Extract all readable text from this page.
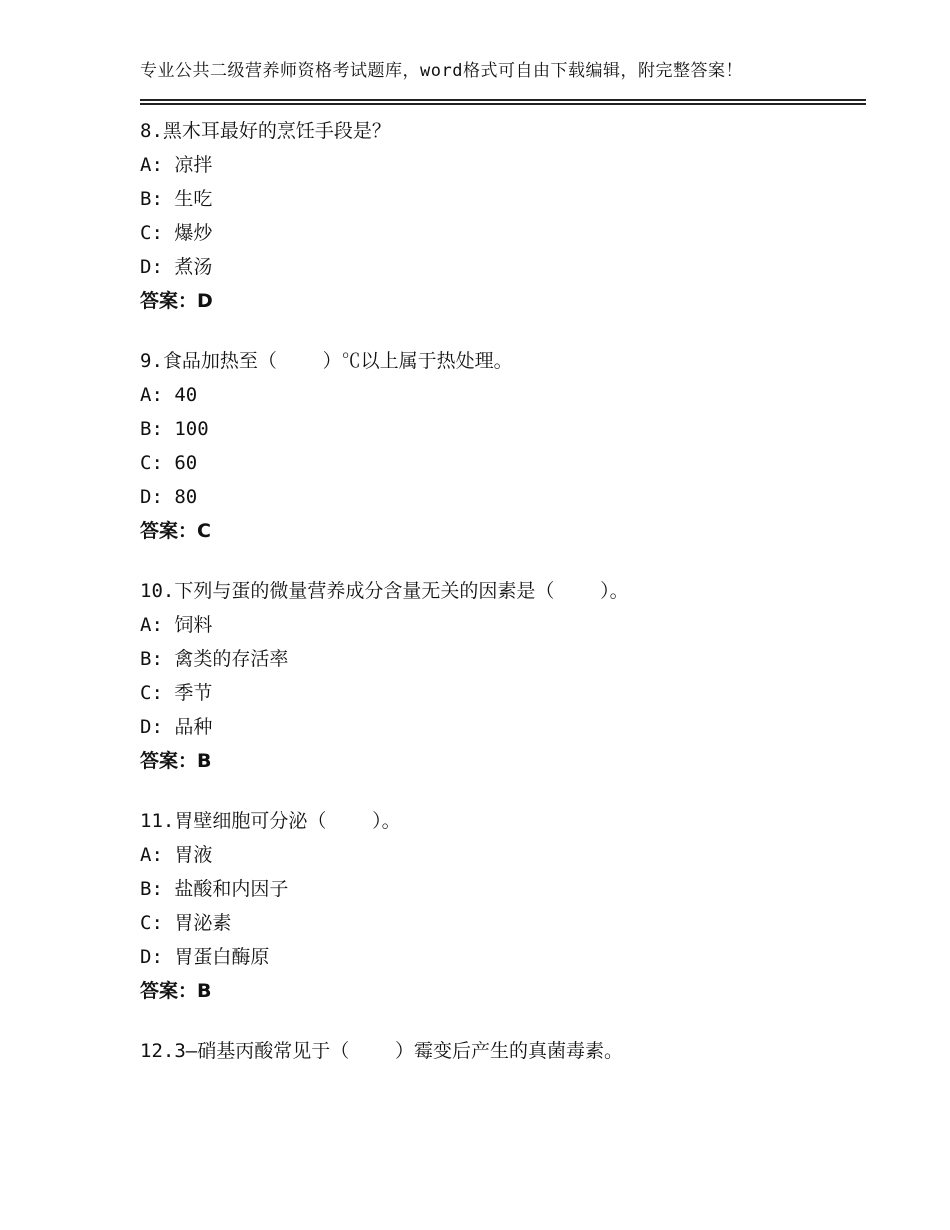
专业公共二级营养师资格考试题库，word格式可自由下载编辑，附完整答案！
8.黑木耳最好的烹饪手段是？
A: 凉拌
B: 生吃
C: 爆炒
D: 煮汤
答案：D
9.食品加热至（    ）℃以上属于热处理。
A: 40
B: 100
C: 60
D: 80
答案：C
10.下列与蛋的微量营养成分含量无关的因素是（    ）。
A: 饲料
B: 禽类的存活率
C: 季节
D: 品种
答案：B
11.胃壁细胞可分泌（    ）。
A: 胃液
B: 盐酸和内因子
C: 胃泌素
D: 胃蛋白酶原
答案：B
12.3—硝基丙酸常见于（    ）霉变后产生的真菌毒素。
